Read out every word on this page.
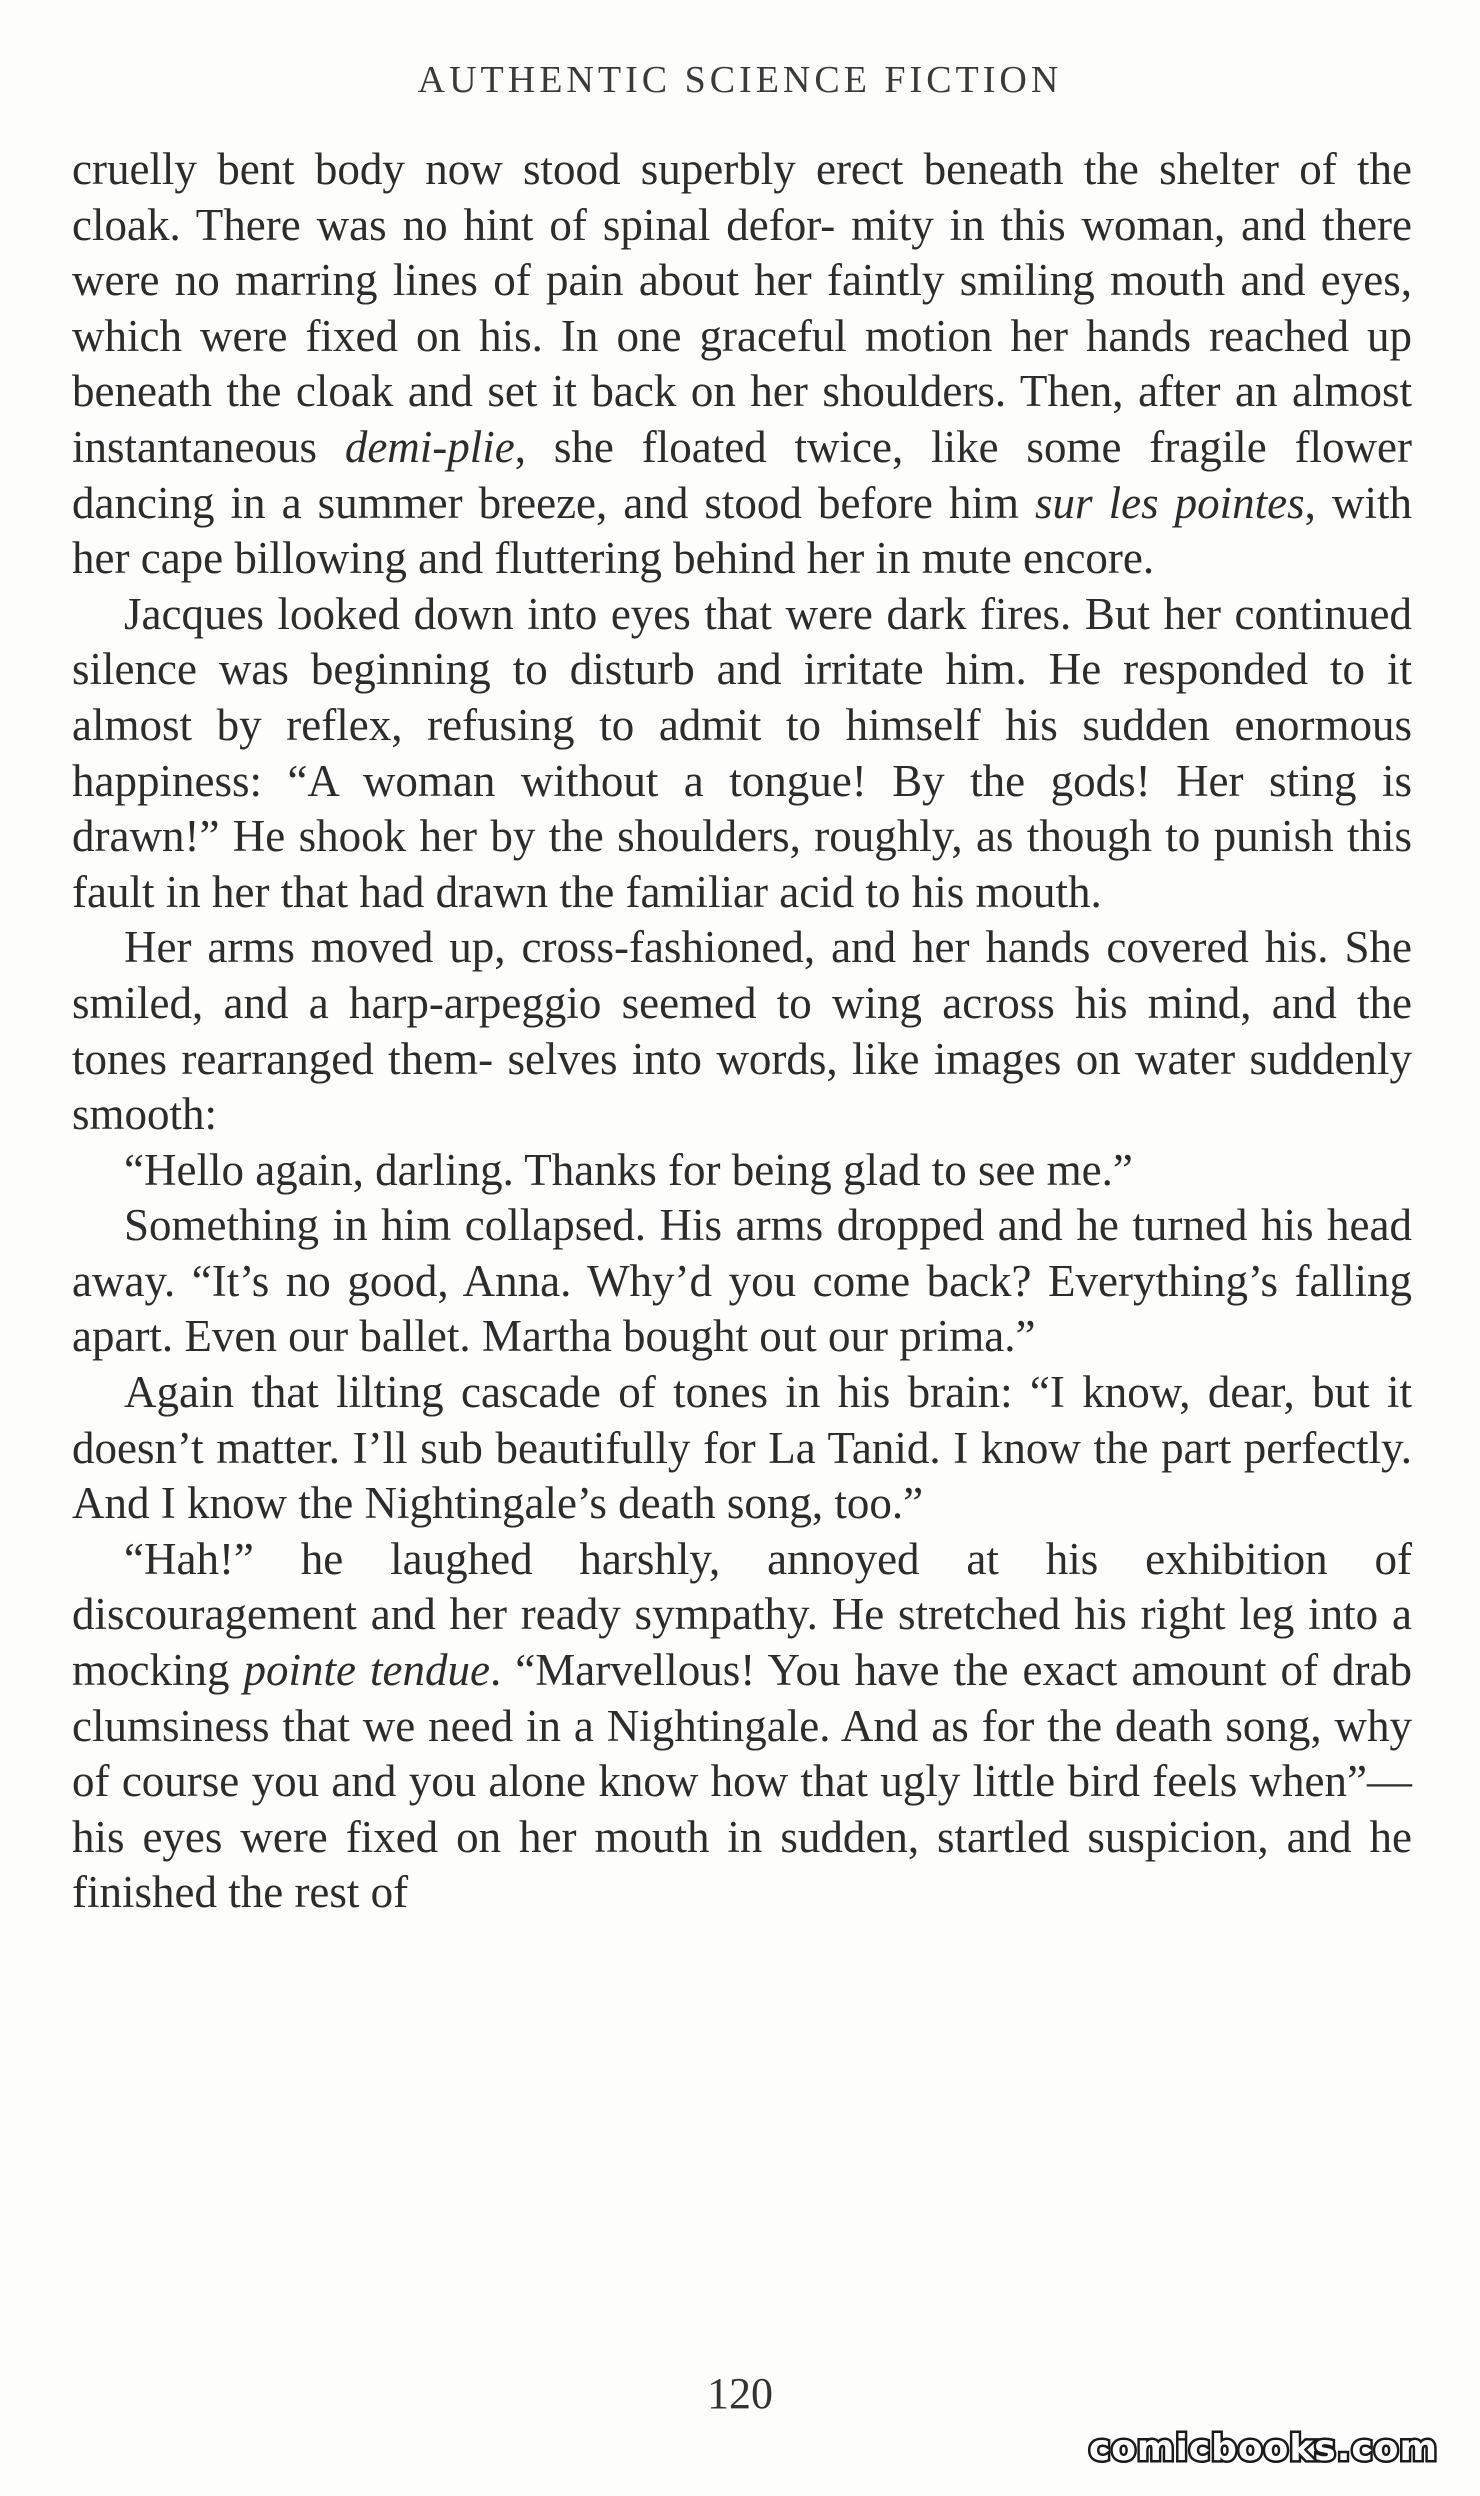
AUTHENTIC SCIENCE FICTION

cruelly bent body now stood superbly erect beneath the shelter of the cloak. There was no hint of spinal defor- mity in this woman, and there were no marring lines of pain about her faintly smiling mouth and eyes, which were fixed on his. In one graceful motion her hands reached up beneath the cloak and set it back on her shoulders. Then, after an almost instantaneous demi-plie, she floated twice, like some fragile flower dancing in a summer breeze, and stood before him sur les pointes, with her cape billowing and fluttering behind her in mute encore.

Jacques looked down into eyes that were dark fires. But her continued silence was beginning to disturb and irritate him. He responded to it almost by reflex, refusing to admit to himself his sudden enormous happiness: “A woman without a tongue! By the gods! Her sting is drawn!” He shook her by the shoulders, roughly, as though to punish this fault in her that had drawn the familiar acid to his mouth.

Her arms moved up, cross-fashioned, and her hands covered his. She smiled, and a harp-arpeggio seemed to wing across his mind, and the tones rearranged them- selves into words, like images on water suddenly smooth:

“Hello again, darling. Thanks for being glad to see me.”

Something in him collapsed. His arms dropped and he turned his head away. “It’s no good, Anna. Why’d you come back? Everything’s falling apart. Even our ballet. Martha bought out our prima.”

Again that lilting cascade of tones in his brain: “I know, dear, but it doesn’t matter. I’ll sub beautifully for La Tanid. I know the part perfectly. And I know the Nightingale’s death song, too.”

“Hah!” he laughed harshly, annoyed at his exhibition of discouragement and her ready sympathy. He stretched his right leg into a mocking pointe tendue. “Marvellous! You have the exact amount of drab clumsiness that we need in a Nightingale. And as for the death song, why of course you and you alone know how that ugly little bird feels when”—his eyes were fixed on her mouth in sudden, startled suspicion, and he finished the rest of

120
comicbooks.com
